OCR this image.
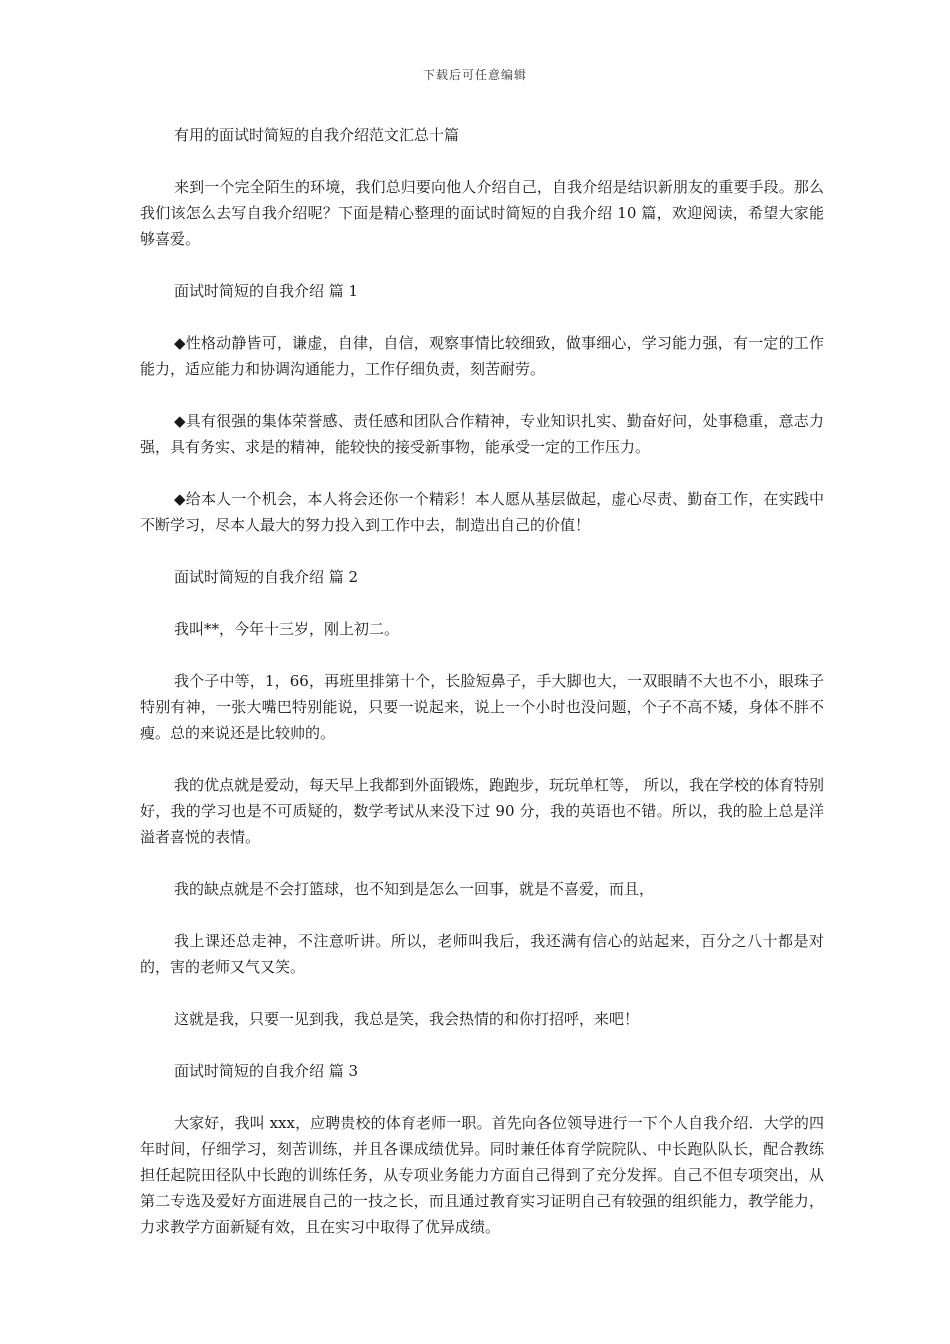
下载后可任意编辑

有用的面试时简短的自我介绍范文汇总十篇

来到一个完全陌生的环境，我们总归要向他人介绍自己，自我介绍是结识新朋友的重要手段。那么我们该怎么去写自我介绍呢？下面是精心整理的面试时简短的自我介绍 10 篇，欢迎阅读，希望大家能够喜爱。

面试时简短的自我介绍 篇 1

◆性格动静皆可，谦虚，自律，自信，观察事情比较细致，做事细心，学习能力强，有一定的工作能力，适应能力和协调沟通能力，工作仔细负责，刻苦耐劳。

◆具有很强的集体荣誉感、责任感和团队合作精神，专业知识扎实、勤奋好问，处事稳重，意志力强，具有务实、求是的精神，能较快的接受新事物，能承受一定的工作压力。

◆给本人一个机会，本人将会还你一个精彩！本人愿从基层做起，虚心尽责、勤奋工作，在实践中不断学习，尽本人最大的努力投入到工作中去，制造出自己的价值！

面试时简短的自我介绍 篇 2

我叫**，今年十三岁，刚上初二。

我个子中等，1，66，再班里排第十个，长脸短鼻子，手大脚也大，一双眼睛不大也不小，眼珠子特别有神，一张大嘴巴特别能说，只要一说起来，说上一个小时也没问题，个子不高不矮，身体不胖不瘦。总的来说还是比较帅的。

我的优点就是爱动，每天早上我都到外面锻炼，跑跑步，玩玩单杠等， 所以，我在学校的体育特别好，我的学习也是不可质疑的，数学考试从来没下过 90 分，我的英语也不错。所以，我的脸上总是洋溢者喜悦的表情。

我的缺点就是不会打篮球，也不知到是怎么一回事，就是不喜爱，而且，

我上课还总走神，不注意听讲。所以，老师叫我后，我还满有信心的站起来，百分之八十都是对的，害的老师又气又笑。

这就是我，只要一见到我，我总是笑，我会热情的和你打招呼，来吧！

面试时简短的自我介绍 篇 3

大家好，我叫 xxx，应聘贵校的体育老师一职。首先向各位领导进行一下个人自我介绍．大学的四年时间，仔细学习，刻苦训练，并且各课成绩优异。同时兼任体育学院院队、中长跑队队长，配合教练担任起院田径队中长跑的训练任务，从专项业务能力方面自己得到了充分发挥。自己不但专项突出，从第二专选及爱好方面进展自己的一技之长，而且通过教育实习证明自己有较强的组织能力，教学能力，力求教学方面新疑有效，且在实习中取得了优异成绩。
